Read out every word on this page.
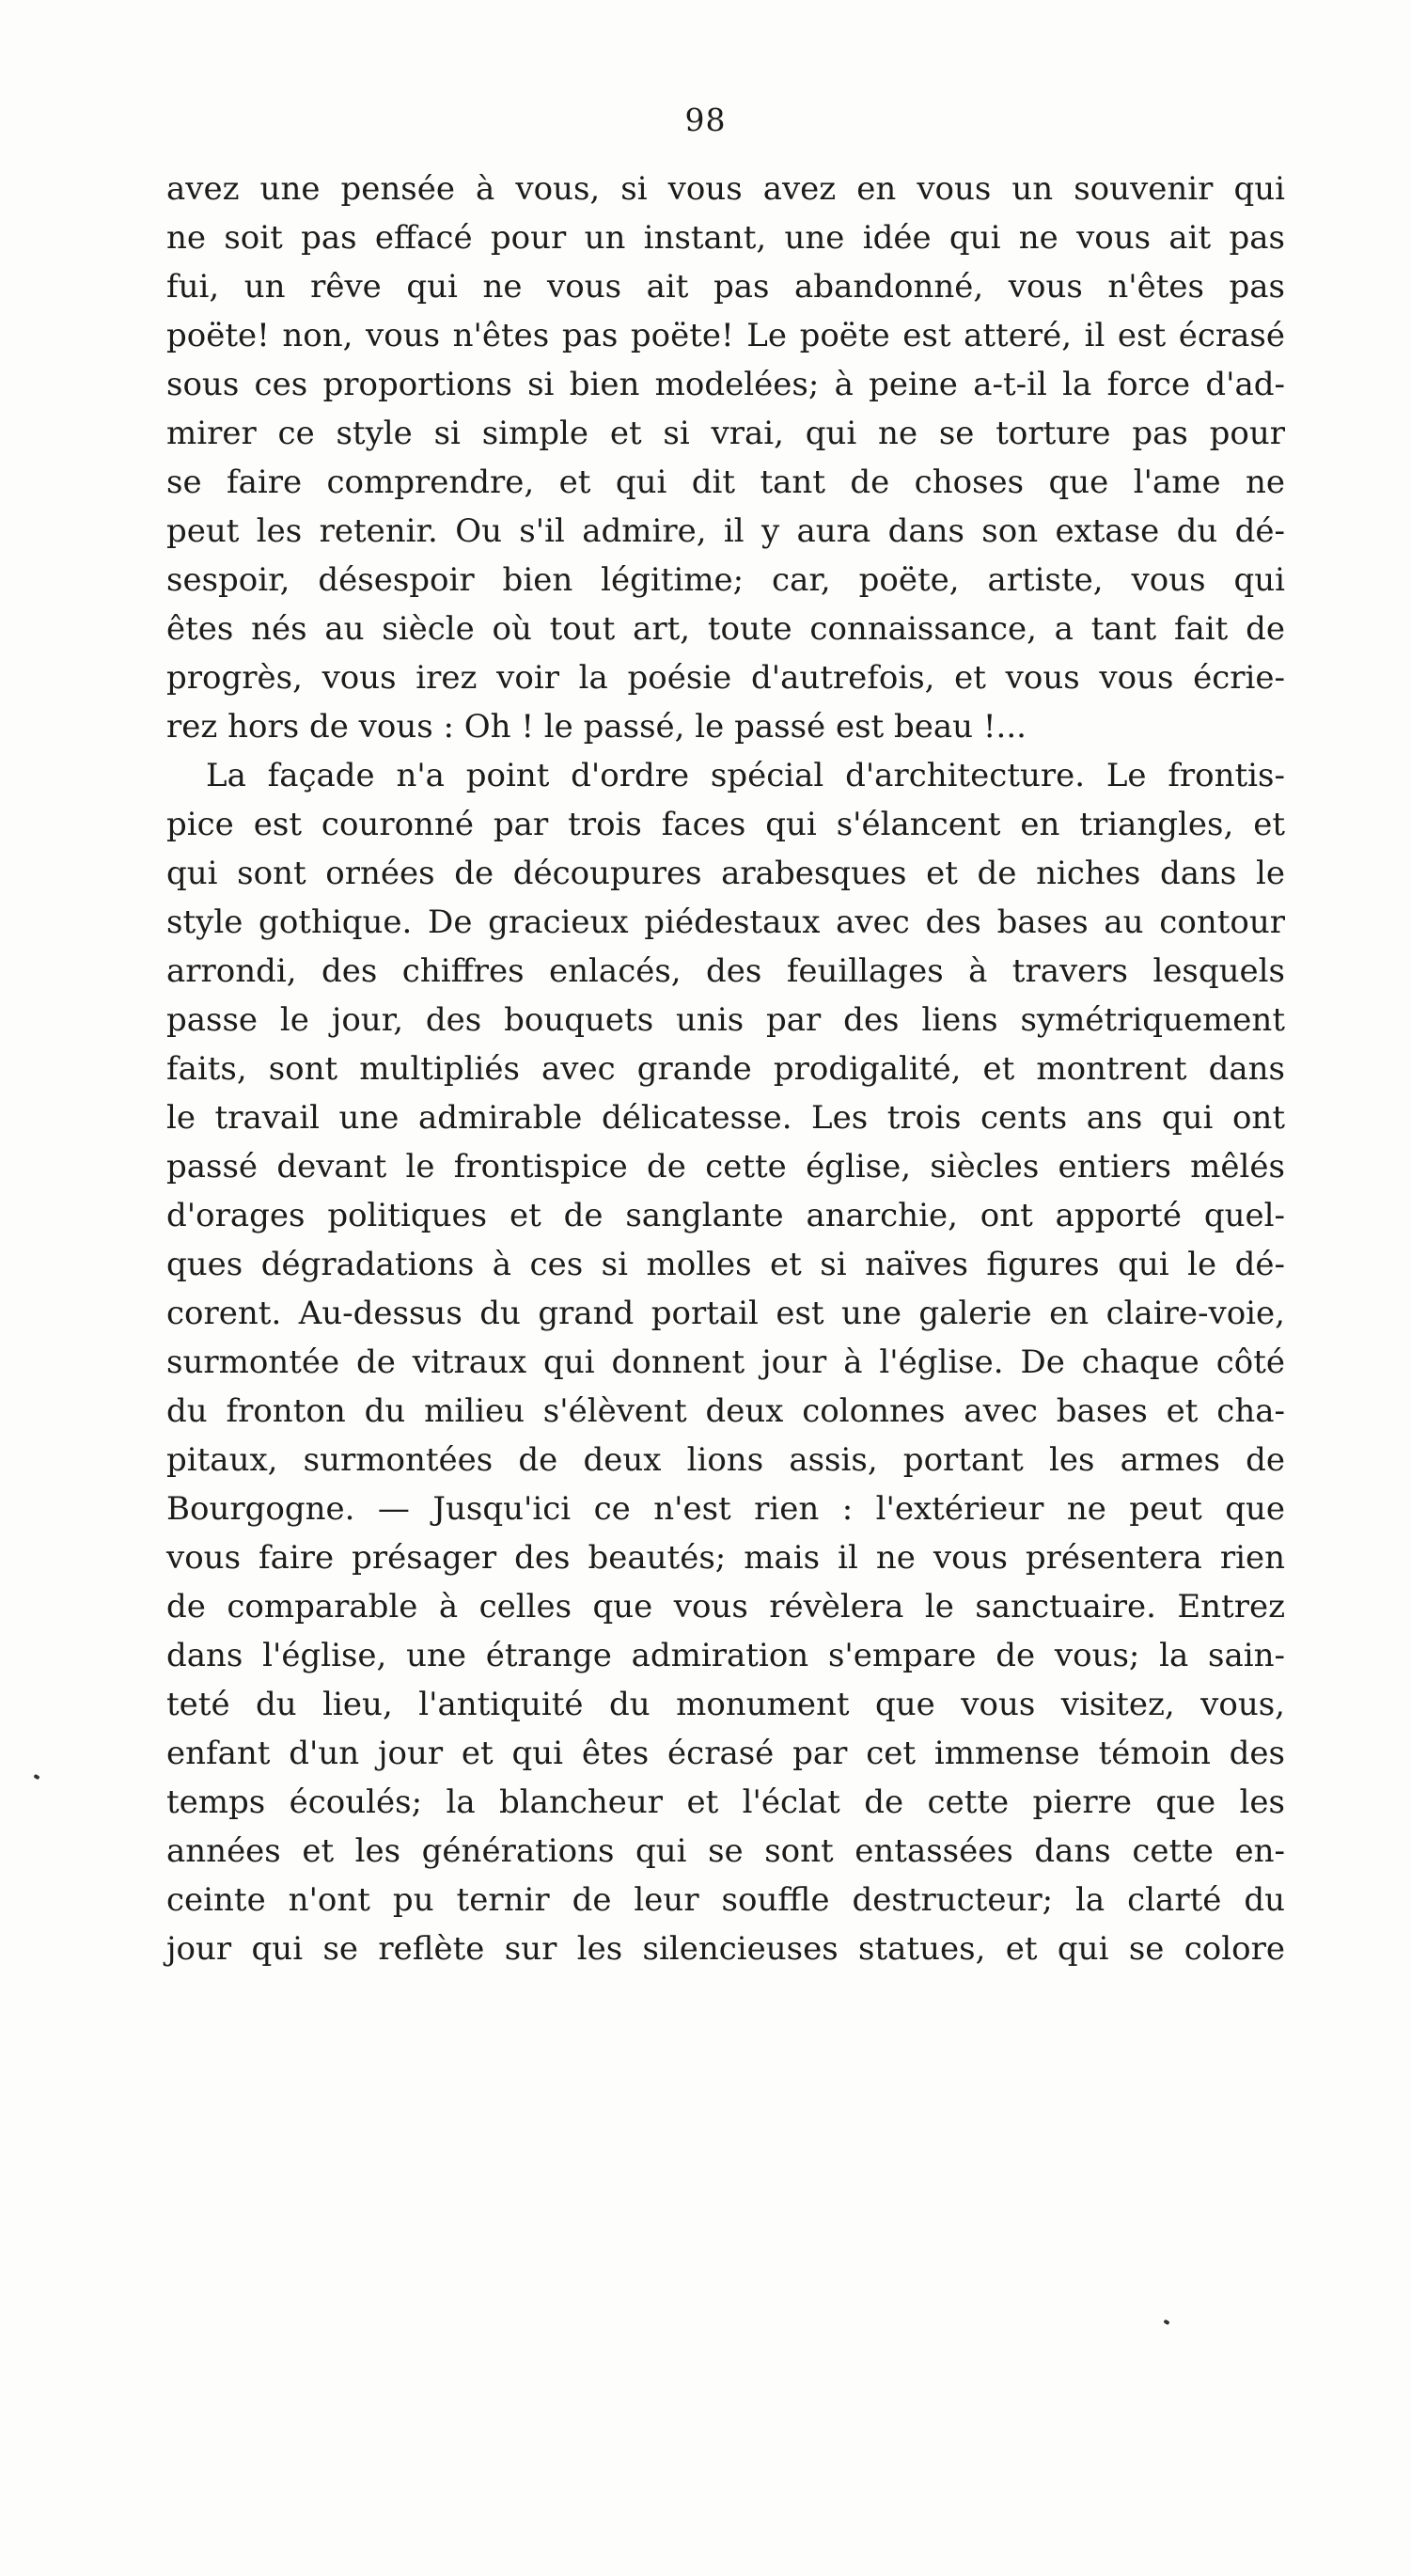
98
avez une pensée à vous, si vous avez en vous un souvenir qui
ne soit pas effacé pour un instant, une idée qui ne vous ait pas
fui, un rêve qui ne vous ait pas abandonné, vous n'êtes pas
poëte! non, vous n'êtes pas poëte! Le poëte est atteré, il est écrasé
sous ces proportions si bien modelées; à peine a-t-il la force d'ad-
mirer ce style si simple et si vrai, qui ne se torture pas pour
se faire comprendre, et qui dit tant de choses que l'ame ne
peut les retenir. Ou s'il admire, il y aura dans son extase du dé-
sespoir, désespoir bien légitime; car, poëte, artiste, vous qui
êtes nés au siècle où tout art, toute connaissance, a tant fait de
progrès, vous irez voir la poésie d'autrefois, et vous vous écrie-
rez hors de vous : Oh ! le passé, le passé est beau !...
La façade n'a point d'ordre spécial d'architecture. Le frontis-
pice est couronné par trois faces qui s'élancent en triangles, et
qui sont ornées de découpures arabesques et de niches dans le
style gothique. De gracieux piédestaux avec des bases au contour
arrondi, des chiffres enlacés, des feuillages à travers lesquels
passe le jour, des bouquets unis par des liens symétriquement
faits, sont multipliés avec grande prodigalité, et montrent dans
le travail une admirable délicatesse. Les trois cents ans qui ont
passé devant le frontispice de cette église, siècles entiers mêlés
d'orages politiques et de sanglante anarchie, ont apporté quel-
ques dégradations à ces si molles et si naïves figures qui le dé-
corent. Au-dessus du grand portail est une galerie en claire-voie,
surmontée de vitraux qui donnent jour à l'église. De chaque côté
du fronton du milieu s'élèvent deux colonnes avec bases et cha-
pitaux, surmontées de deux lions assis, portant les armes de
Bourgogne. — Jusqu'ici ce n'est rien : l'extérieur ne peut que
vous faire présager des beautés; mais il ne vous présentera rien
de comparable à celles que vous révèlera le sanctuaire. Entrez
dans l'église, une étrange admiration s'empare de vous; la sain-
teté du lieu, l'antiquité du monument que vous visitez, vous,
enfant d'un jour et qui êtes écrasé par cet immense témoin des
temps écoulés; la blancheur et l'éclat de cette pierre que les
années et les générations qui se sont entassées dans cette en-
ceinte n'ont pu ternir de leur souffle destructeur; la clarté du
jour qui se reflète sur les silencieuses statues, et qui se colore
